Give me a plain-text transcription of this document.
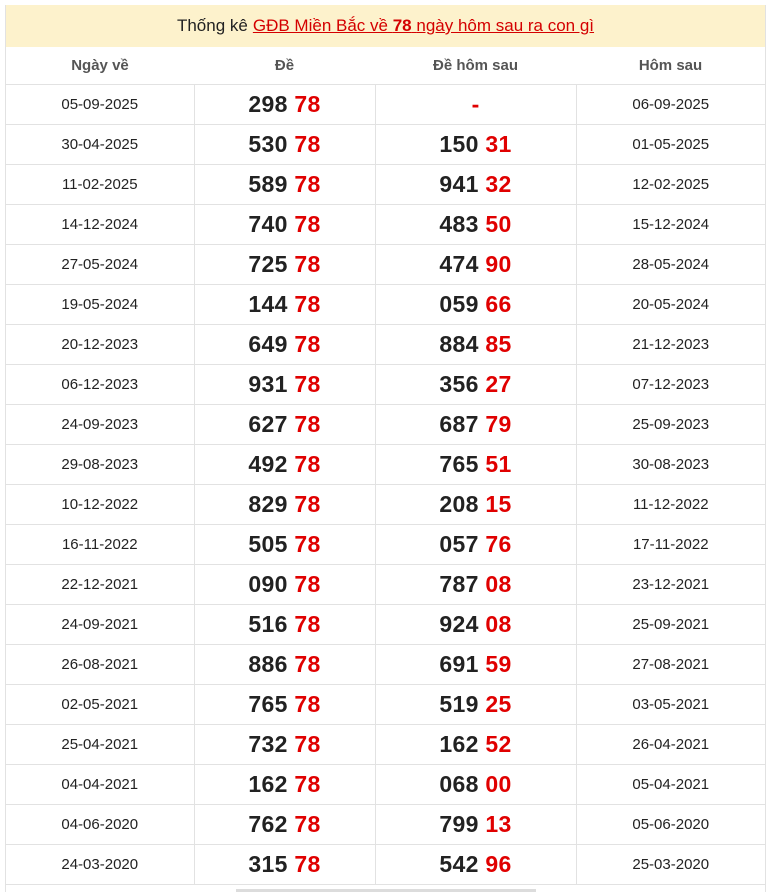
Thống kê GĐB Miền Bắc về 78 ngày hôm sau ra con gì
Ngày về	Đề	Đề hôm sau	Hôm sau
05-09-2025	298 78	-	06-09-2025
30-04-2025	530 78	150 31	01-05-2025
11-02-2025	589 78	941 32	12-02-2025
14-12-2024	740 78	483 50	15-12-2024
27-05-2024	725 78	474 90	28-05-2024
19-05-2024	144 78	059 66	20-05-2024
20-12-2023	649 78	884 85	21-12-2023
06-12-2023	931 78	356 27	07-12-2023
24-09-2023	627 78	687 79	25-09-2023
29-08-2023	492 78	765 51	30-08-2023
10-12-2022	829 78	208 15	11-12-2022
16-11-2022	505 78	057 76	17-11-2022
22-12-2021	090 78	787 08	23-12-2021
24-09-2021	516 78	924 08	25-09-2021
26-08-2021	886 78	691 59	27-08-2021
02-05-2021	765 78	519 25	03-05-2021
25-04-2021	732 78	162 52	26-04-2021
04-04-2021	162 78	068 00	05-04-2021
04-06-2020	762 78	799 13	05-06-2020
24-03-2020	315 78	542 96	25-03-2020
